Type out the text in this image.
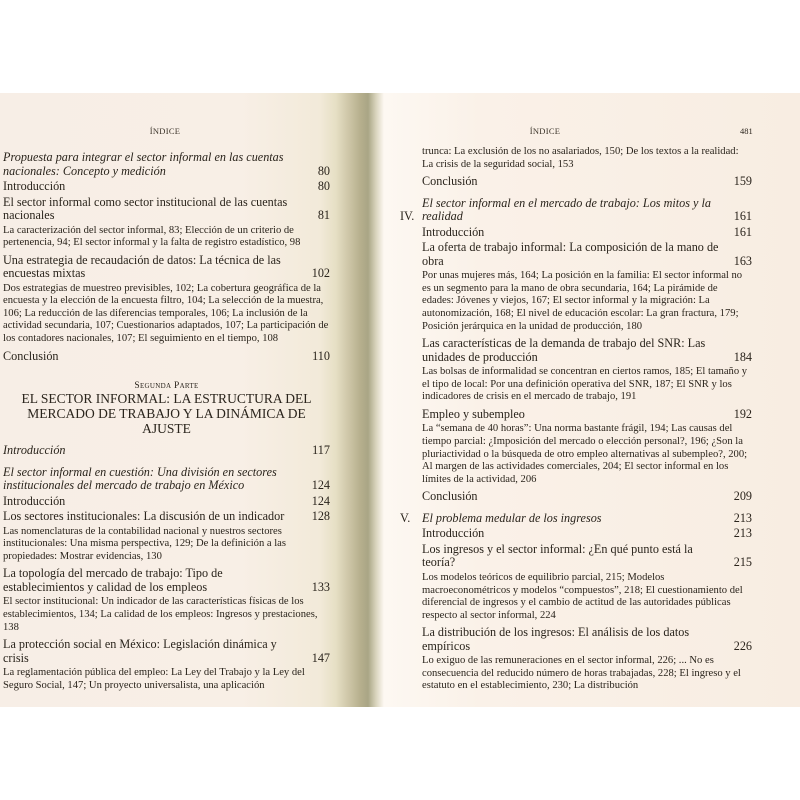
ÍNDICE
Propuesta para integrar el sector informal en las cuentas nacionales: Concepto y medición	80
Introducción	80
El sector informal como sector institucional de las cuentas nacionales	81
La caracterización del sector informal, 83; Elección de un criterio de pertenencia, 94; El sector informal y la falta de registro estadístico, 98
Una estrategia de recaudación de datos: La técnica de las encuestas mixtas	102
Dos estrategias de muestreo previsibles, 102; La cobertura geográfica de la encuesta y la elección de la encuesta filtro, 104; La selección de la muestra, 106; La reducción de las diferencias temporales, 106; La inclusión de la actividad secundaria, 107; Cuestionarios adaptados, 107; La participación de los contadores nacionales, 107; El seguimiento en el tiempo, 108
Conclusión	110
Segunda Parte
EL SECTOR INFORMAL: LA ESTRUCTURA DEL MERCADO DE TRABAJO Y LA DINÁMICA DE AJUSTE
Introducción	117
El sector informal en cuestión: Una división en sectores institucionales del mercado de trabajo en México	124
Introducción	124
Los sectores institucionales: La discusión de un indicador	128
Las nomenclaturas de la contabilidad nacional y nuestros sectores institucionales: Una misma perspectiva, 129; De la definición a las propiedades: Mostrar evidencias, 130
La topología del mercado de trabajo: Tipo de establecimientos y calidad de los empleos	133
El sector institucional: Un indicador de las características físicas de los establecimientos, 134; La calidad de los empleos: Ingresos y prestaciones, 138
La protección social en México: Legislación dinámica y crisis	147
La reglamentación pública del empleo: La Ley del Trabajo y la Ley del Seguro Social, 147; Un proyecto universalista, una aplicación
ÍNDICE	481
trunca: La exclusión de los no asalariados, 150; De los textos a la realidad: La crisis de la seguridad social, 153
Conclusión	159
IV.
El sector informal en el mercado de trabajo: Los mitos y la realidad	161
Introducción	161
La oferta de trabajo informal: La composición de la mano de obra	163
Por unas mujeres más, 164; La posición en la familia: El sector informal no es un segmento para la mano de obra secundaria, 164; La pirámide de edades: Jóvenes y viejos, 167; El sector informal y la migración: La autonomización, 168; El nivel de educación escolar: La gran fractura, 179; Posición jerárquica en la unidad de producción, 180
Las características de la demanda de trabajo del SNR: Las unidades de producción	184
Las bolsas de informalidad se concentran en ciertos ramos, 185; El tamaño y el tipo de local: Por una definición operativa del SNR, 187; El SNR y los indicadores de crisis en el mercado de trabajo, 191
Empleo y subempleo	192
La “semana de 40 horas”: Una norma bastante frágil, 194; Las causas del tiempo parcial: ¿Imposición del mercado o elección personal?, 196; ¿Son la pluriactividad o la búsqueda de otro empleo alternativas al subempleo?, 200; Al margen de las actividades comerciales, 204; El sector informal en los límites de la actividad, 206
Conclusión	209
V. El problema medular de los ingresos	213
Introducción	213
Los ingresos y el sector informal: ¿En qué punto está la teoría?	215
Los modelos teóricos de equilibrio parcial, 215; Modelos macroeconométricos y modelos “compuestos”, 218; El cuestionamiento del diferencial de ingresos y el cambio de actitud de las autoridades públicas respecto al sector informal, 224
La distribución de los ingresos: El análisis de los datos empíricos	226
Lo exiguo de las remuneraciones en el sector informal, 226; ... No es consecuencia del reducido número de horas trabajadas, 228; El ingreso y el estatuto en el establecimiento, 230; La distribución
